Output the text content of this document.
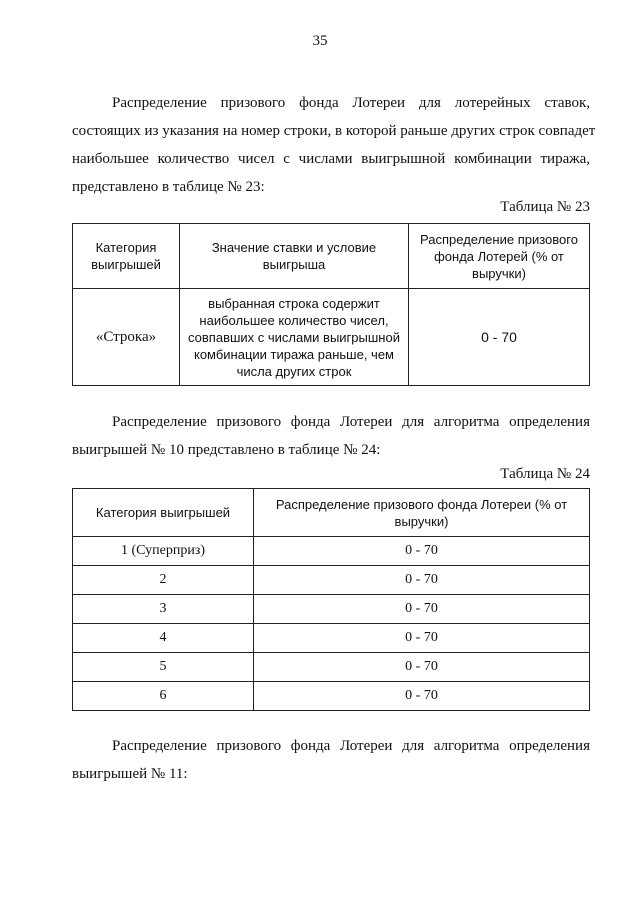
35
Распределение призового фонда Лотереи для лотерейных ставок,
состоящих из указания на номер строки, в которой раньше других строк совпадет
наибольшее количество чисел с числами выигрышной комбинации тиража,
представлено в таблице № 23:
Таблица № 23
Категория выигрышей	Значение ставки и условие выигрыша	Распределение призового фонда Лотерей (% от выручки)
«Строка»	выбранная строка содержит наибольшее количество чисел, совпавших с числами выигрышной комбинации тиража раньше, чем числа других строк	0 - 70
Распределение призового фонда Лотереи для алгоритма определения
выигрышей № 10 представлено в таблице № 24:
Таблица № 24
Категория выигрышей	Распределение призового фонда Лотереи (% от выручки)
1 (Суперприз)	0 - 70
2	0 - 70
3	0 - 70
4	0 - 70
5	0 - 70
6	0 - 70
Распределение призового фонда Лотереи для алгоритма определения
выигрышей № 11:
